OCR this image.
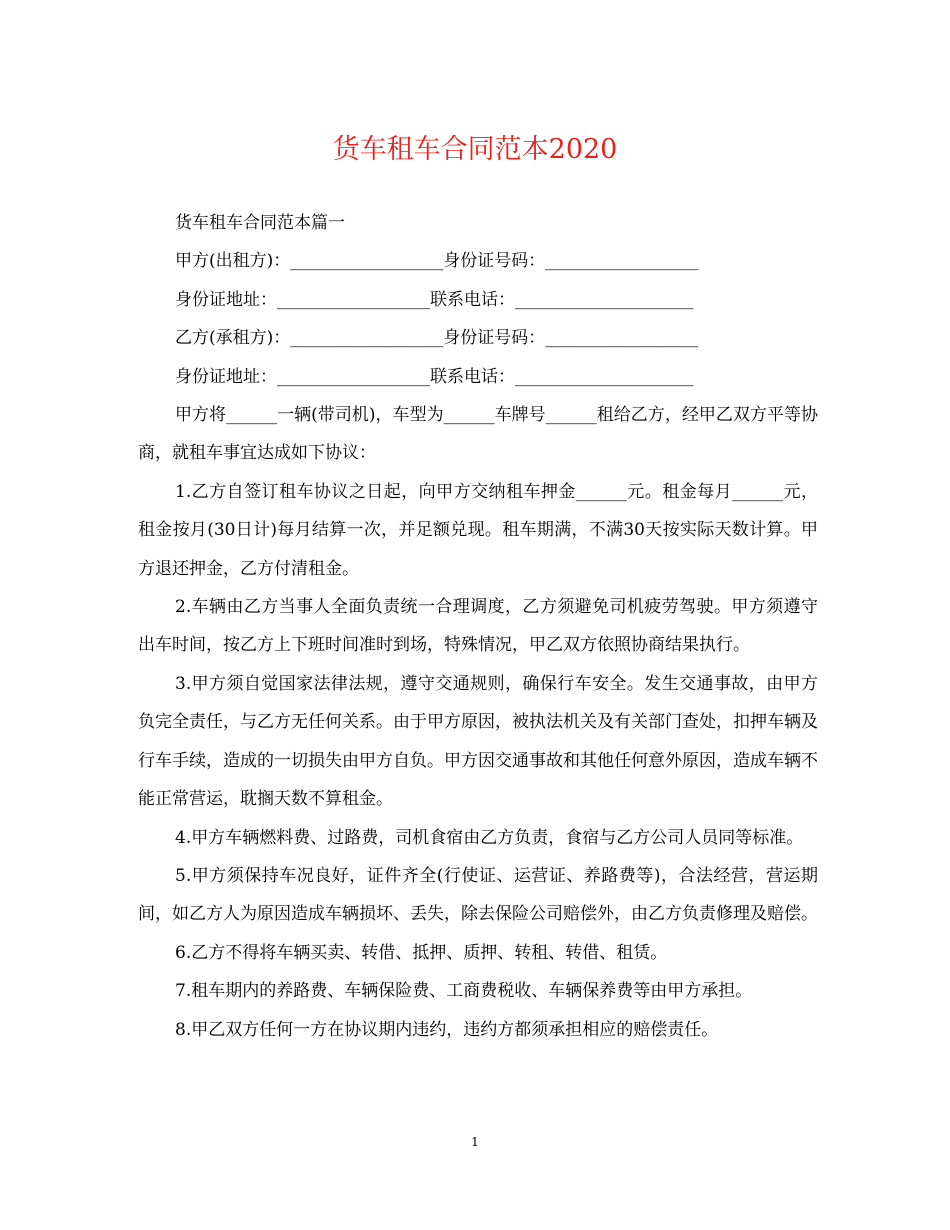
货车租车合同范本2020

货车租车合同范本篇一

甲方(出租方)：__________________身份证号码：__________________

身份证地址：__________________联系电话：_____________________

乙方(承租方)：__________________身份证号码：__________________

身份证地址：__________________联系电话：_____________________

甲方将______一辆(带司机)，车型为______车牌号______租给乙方，经甲乙双方平等协商，就租车事宜达成如下协议：

1.乙方自签订租车协议之日起，向甲方交纳租车押金______元。租金每月______元，租金按月(30日计)每月结算一次，并足额兑现。租车期满，不满30天按实际天数计算。甲方退还押金，乙方付清租金。

2.车辆由乙方当事人全面负责统一合理调度，乙方须避免司机疲劳驾驶。甲方须遵守出车时间，按乙方上下班时间准时到场，特殊情况，甲乙双方依照协商结果执行。

3.甲方须自觉国家法律法规，遵守交通规则，确保行车安全。发生交通事故，由甲方负完全责任，与乙方无任何关系。由于甲方原因，被执法机关及有关部门查处，扣押车辆及行车手续，造成的一切损失由甲方自负。甲方因交通事故和其他任何意外原因，造成车辆不能正常营运，耽搁天数不算租金。

4.甲方车辆燃料费、过路费，司机食宿由乙方负责，食宿与乙方公司人员同等标准。

5.甲方须保持车况良好，证件齐全(行使证、运营证、养路费等)，合法经营，营运期间，如乙方人为原因造成车辆损坏、丢失，除去保险公司赔偿外，由乙方负责修理及赔偿。

6.乙方不得将车辆买卖、转借、抵押、质押、转租、转借、租赁。

7.租车期内的养路费、车辆保险费、工商费税收、车辆保养费等由甲方承担。

8.甲乙双方任何一方在协议期内违约，违约方都须承担相应的赔偿责任。

1
